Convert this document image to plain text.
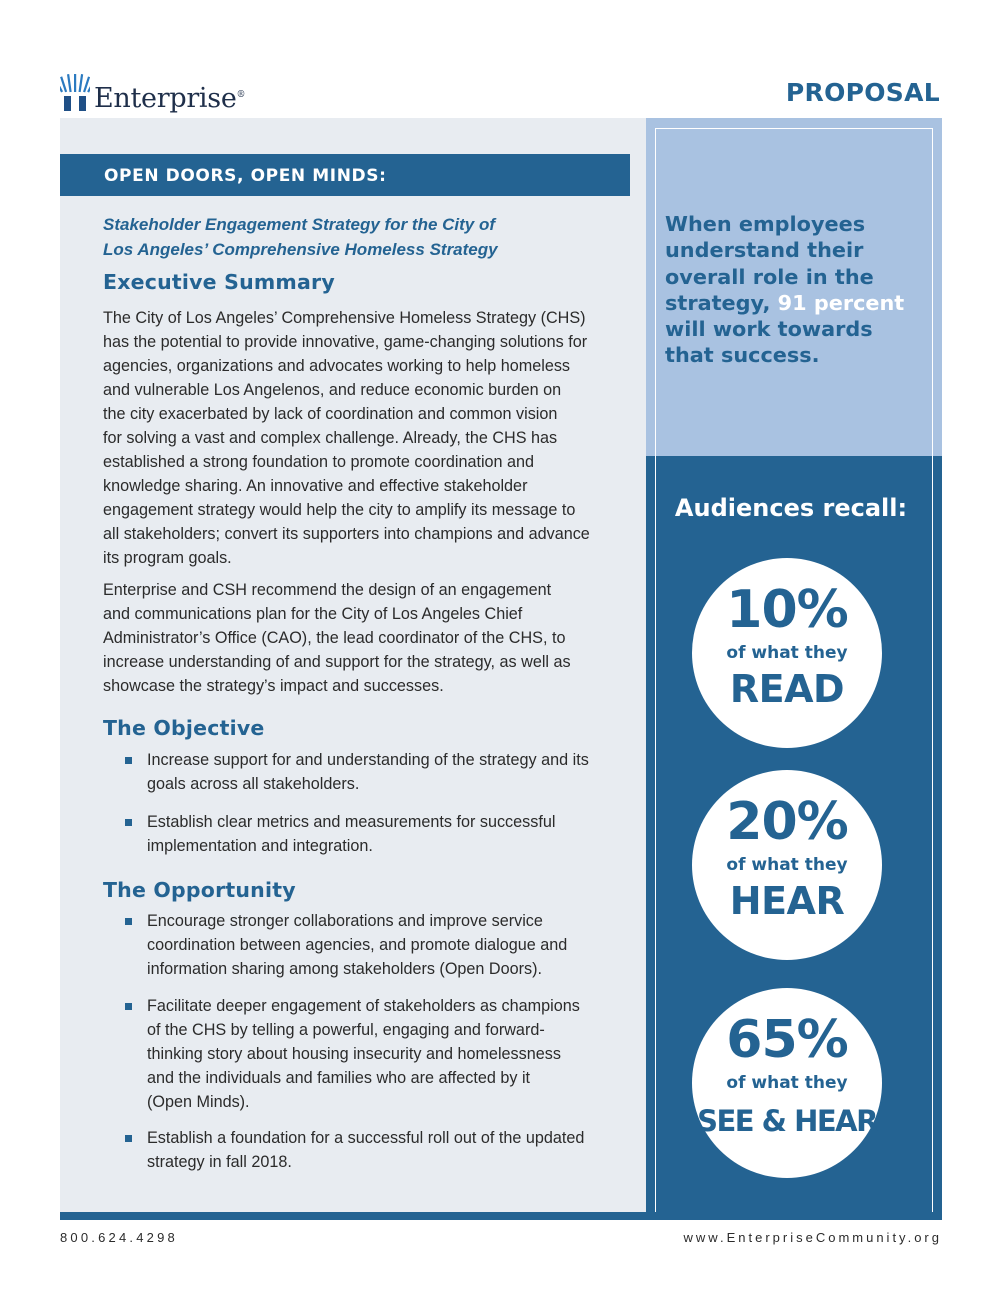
Enterprise®	PROPOSAL
OPEN DOORS, OPEN MINDS:
Stakeholder Engagement Strategy for the City of
Los Angeles’ Comprehensive Homeless Strategy
Executive Summary
The City of Los Angeles’ Comprehensive Homeless Strategy (CHS)
has the potential to provide innovative, game-changing solutions for
agencies, organizations and advocates working to help homeless
and vulnerable Los Angelenos, and reduce economic burden on
the city exacerbated by lack of coordination and common vision
for solving a vast and complex challenge. Already, the CHS has
established a strong foundation to promote coordination and
knowledge sharing. An innovative and effective stakeholder
engagement strategy would help the city to amplify its message to
all stakeholders; convert its supporters into champions and advance
its program goals.
Enterprise and CSH recommend the design of an engagement
and communications plan for the City of Los Angeles Chief
Administrator’s Office (CAO), the lead coordinator of the CHS, to
increase understanding of and support for the strategy, as well as
showcase the strategy’s impact and successes.
The Objective
Increase support for and understanding of the strategy and its
goals across all stakeholders.
Establish clear metrics and measurements for successful
implementation and integration.
The Opportunity
Encourage stronger collaborations and improve service
coordination between agencies, and promote dialogue and
information sharing among stakeholders (Open Doors).
Facilitate deeper engagement of stakeholders as champions
of the CHS by telling a powerful, engaging and forward-
thinking story about housing insecurity and homelessness
and the individuals and families who are affected by it
(Open Minds).
Establish a foundation for a successful roll out of the updated
strategy in fall 2018.
When employees
understand their
overall role in the
strategy, 91 percent
will work towards
that success.
Audiences recall:
10%
of what they
READ
20%
of what they
HEAR
65%
of what they
SEE & HEAR
800.624.4298	www.EnterpriseCommunity.org
